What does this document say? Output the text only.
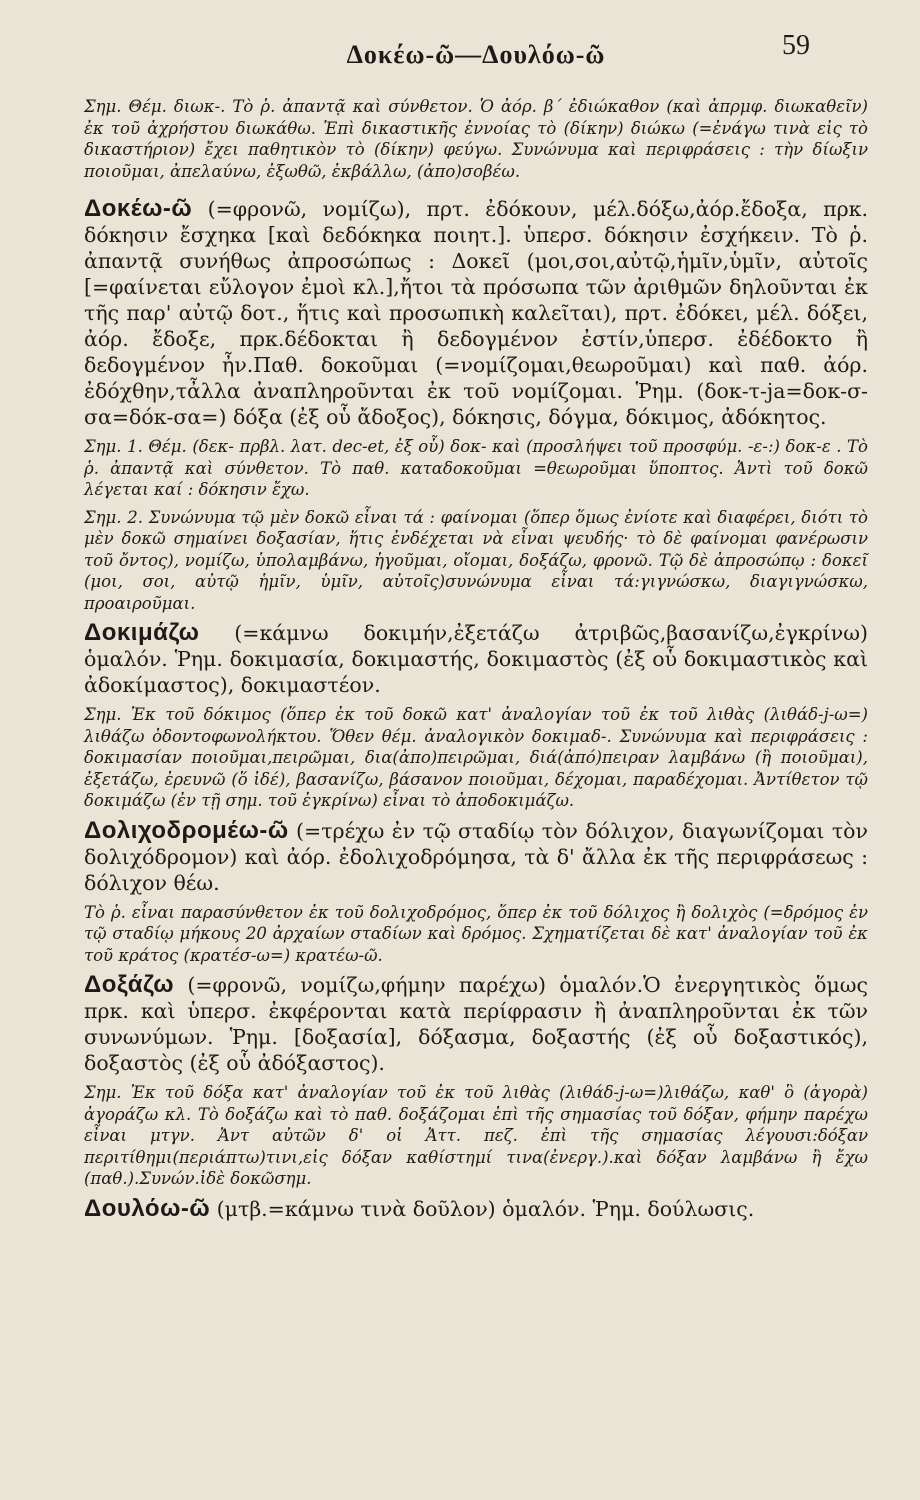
59
Δοκέω-ῶ—Δουλόω-ῶ
Σημ. Θέμ. διωκ-. Τὸ ῥ. ἀπαντᾷ καὶ σύνθετον. Ὁ ἀόρ. β΄ ἐδιώκαθον (καὶ ἀπρμφ. διωκαθεῖν) ἐκ τοῦ ἀχρήστου διωκάθω. Ἐπὶ δικαστικῆς ἐννοίας τὸ (δίκην) διώκω (=ἐνάγω τινὰ εἰς τὸ δικαστήριον) ἔχει παθητικὸν τὸ (δίκην) φεύγω. Συνώνυμα καὶ περιφράσεις : τὴν δίωξιν ποιοῦμαι, ἀπελαύνω, ἐξωθῶ, ἐκβάλλω, (ἀπο)σοβέω.
Δοκέω-ῶ (=φρονῶ, νομίζω), πρτ. ἐδόκουν, μέλ.δόξω,ἀόρ.ἔδοξα, πρκ. δόκησιν ἔσχηκα [καὶ δεδόκηκα ποιητ.]. ὑπερσ. δόκησιν ἐσχήκειν. Τὸ ῥ. ἀπαντᾷ συνήθως ἀπροσώπως : Δοκεῖ (μοι,σοι,αὐτῷ,ἡμῖν,ὑμῖν, αὐτοῖς [=φαίνεται εὔλογον ἐμοὶ κλ.],ἤτοι τὰ πρόσωπα τῶν ἀριθμῶν δηλοῦνται ἐκ τῆς παρ' αὐτῷ δοτ., ἥτις καὶ προσωπικὴ καλεῖται), πρτ. ἐδόκει, μέλ. δόξει, ἀόρ. ἔδοξε, πρκ.δέδοκται ἢ δεδογμένον ἐστίν,ὑπερσ. ἐδέδοκτο ἢ δεδογμένον ἦν.Παθ. δοκοῦμαι (=νομίζομαι,θεωροῦμαι) καὶ παθ. ἀόρ. ἐδόχθην,τἆλλα ἀναπληροῦνται ἐκ τοῦ νομίζομαι. Ῥημ. (δοκ-τ-ja=δοκ-σ-σα=δόκ-σα=) δόξα (ἐξ οὗ ἄδοξος), δόκησις, δόγμα, δόκιμος, ἀδόκητος.
Σημ. 1. Θέμ. (δεκ- πρβλ. λατ. dec-et, ἐξ οὗ) δοκ- καὶ (προσλήψει τοῦ προσφύμ. -ε-:) δοκ-ε . Τὸ ῥ. ἀπαντᾷ καὶ σύνθετον. Τὸ παθ. καταδοκοῦμαι =θεωροῦμαι ὕποπτος. Ἀντὶ τοῦ δοκῶ λέγεται καί : δόκησιν ἔχω.
Σημ. 2. Συνώνυμα τῷ μὲν δοκῶ εἶναι τά : φαίνομαι (ὅπερ ὅμως ἐνίοτε καὶ διαφέρει, διότι τὸ μὲν δοκῶ σημαίνει δοξασίαν, ἥτις ἐνδέχεται νὰ εἶναι ψευδής· τὸ δὲ φαίνομαι φανέρωσιν τοῦ ὄντος), νομίζω, ὑπολαμβάνω, ἡγοῦμαι, οἴομαι, δοξάζω, φρονῶ. Τῷ δὲ ἀπροσώπῳ : δοκεῖ (μοι, σοι, αὐτῷ ἡμῖν, ὑμῖν, αὐτοῖς)συνώνυμα εἶναι τά:γιγνώσκω, διαγιγνώσκω, προαιροῦμαι.
Δοκιμάζω (=κάμνω δοκιμήν,ἐξετάζω ἀτριβῶς,βασανίζω,ἐγκρίνω) ὁμαλόν. Ῥημ. δοκιμασία, δοκιμαστής, δοκιμαστὸς (ἐξ οὗ δοκιμαστικὸς καὶ ἀδοκίμαστος), δοκιμαστέον.
Σημ. Ἐκ τοῦ δόκιμος (ὅπερ ἐκ τοῦ δοκῶ κατ' ἀναλογίαν τοῦ ἐκ τοῦ λιθὰς (λιθάδ-j-ω=) λιθάζω ὀδοντοφωνολήκτου. Ὅθεν θέμ. ἀναλογικὸν δοκιμαδ-. Συνώνυμα καὶ περιφράσεις : δοκιμασίαν ποιοῦμαι,πειρῶμαι, δια(ἀπο)πειρῶμαι, διά(ἀπό)πειραν λαμβάνω (ἢ ποιοῦμαι), ἐξετάζω, ἐρευνῶ (ὅ ἰδέ), βασανίζω, βάσανον ποιοῦμαι, δέχομαι, παραδέχομαι. Ἀντίθετον τῷ δοκιμάζω (ἐν τῇ σημ. τοῦ ἐγκρίνω) εἶναι τὸ ἀποδοκιμάζω.
Δολιχοδρομέω-ῶ (=τρέχω ἐν τῷ σταδίῳ τὸν δόλιχον, διαγωνίζομαι τὸν δολιχόδρομον) καὶ ἀόρ. ἐδολιχοδρόμησα, τὰ δ' ἄλλα ἐκ τῆς περιφράσεως : δόλιχον θέω.
Τὸ ῥ. εἶναι παρασύνθετον ἐκ τοῦ δολιχοδρόμος, ὅπερ ἐκ τοῦ δόλιχος ἢ δολιχὸς (=δρόμος ἐν τῷ σταδίῳ μήκους 20 ἀρχαίων σταδίων καὶ δρόμος. Σχηματίζεται δὲ κατ' ἀναλογίαν τοῦ ἐκ τοῦ κράτος (κρατέσ-ω=) κρατέω-ῶ.
Δοξάζω (=φρονῶ, νομίζω,φήμην παρέχω) ὁμαλόν.Ὁ ἐνεργητικὸς ὅμως πρκ. καὶ ὑπερσ. ἐκφέρονται κατὰ περίφρασιν ἢ ἀναπληροῦνται ἐκ τῶν συνωνύμων. Ῥημ. [δοξασία], δόξασμα, δοξαστής (ἐξ οὗ δοξαστικός), δοξαστὸς (ἐξ οὗ ἀδόξαστος).
Σημ. Ἐκ τοῦ δόξα κατ' ἀναλογίαν τοῦ ἐκ τοῦ λιθὰς (λιθάδ-j-ω=)λιθάζω, καθ' ὃ (ἀγορὰ) ἀγοράζω κλ. Τὸ δοξάζω καὶ τὸ παθ. δοξάζομαι ἐπὶ τῆς σημασίας τοῦ δόξαν, φήμην παρέχω εἶναι μτγν. Ἀντ αὐτῶν δ' οἱ Ἀττ. πεζ. ἐπὶ τῆς σημασίας λέγουσι:δόξαν περιτίθημι(περιάπτω)τινι,εἰς δόξαν καθίστημί τινα(ἐνεργ.).καὶ δόξαν λαμβάνω ἢ ἔχω (παθ.).Συνών.ἰδὲ δοκῶσημ.
Δουλόω-ῶ (μτβ.=κάμνω τινὰ δοῦλον) ὁμαλόν. Ῥημ. δούλωσις.
